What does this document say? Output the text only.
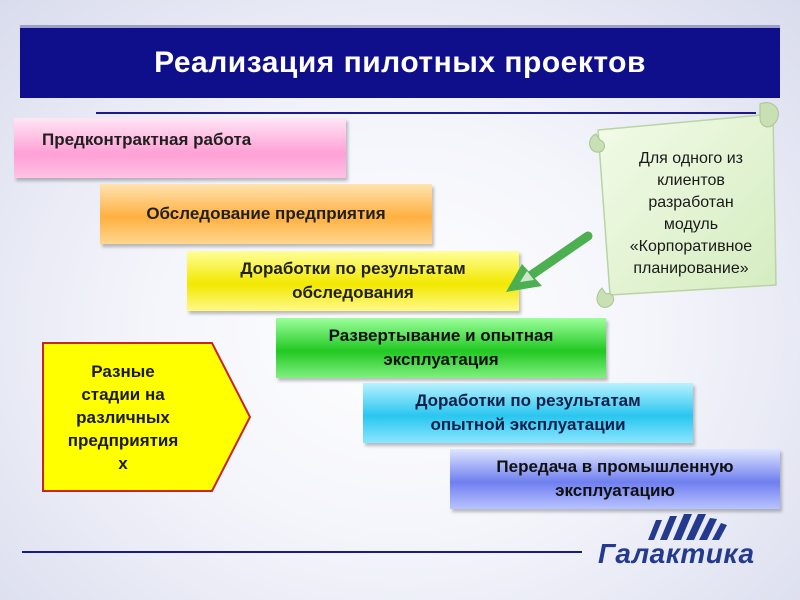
Реализация пилотных проектов
Предконтрактная работа
Обследование предприятия
Доработки по результатам обследования
Развертывание и опытная эксплуатация
Доработки по результатам опытной эксплуатации
Передача в промышленную эксплуатацию
Разные
стадии на
различных
предприятия
х
Для одного из
клиентов
разработан
модуль
«Корпоративное
планирование»
Галактика
